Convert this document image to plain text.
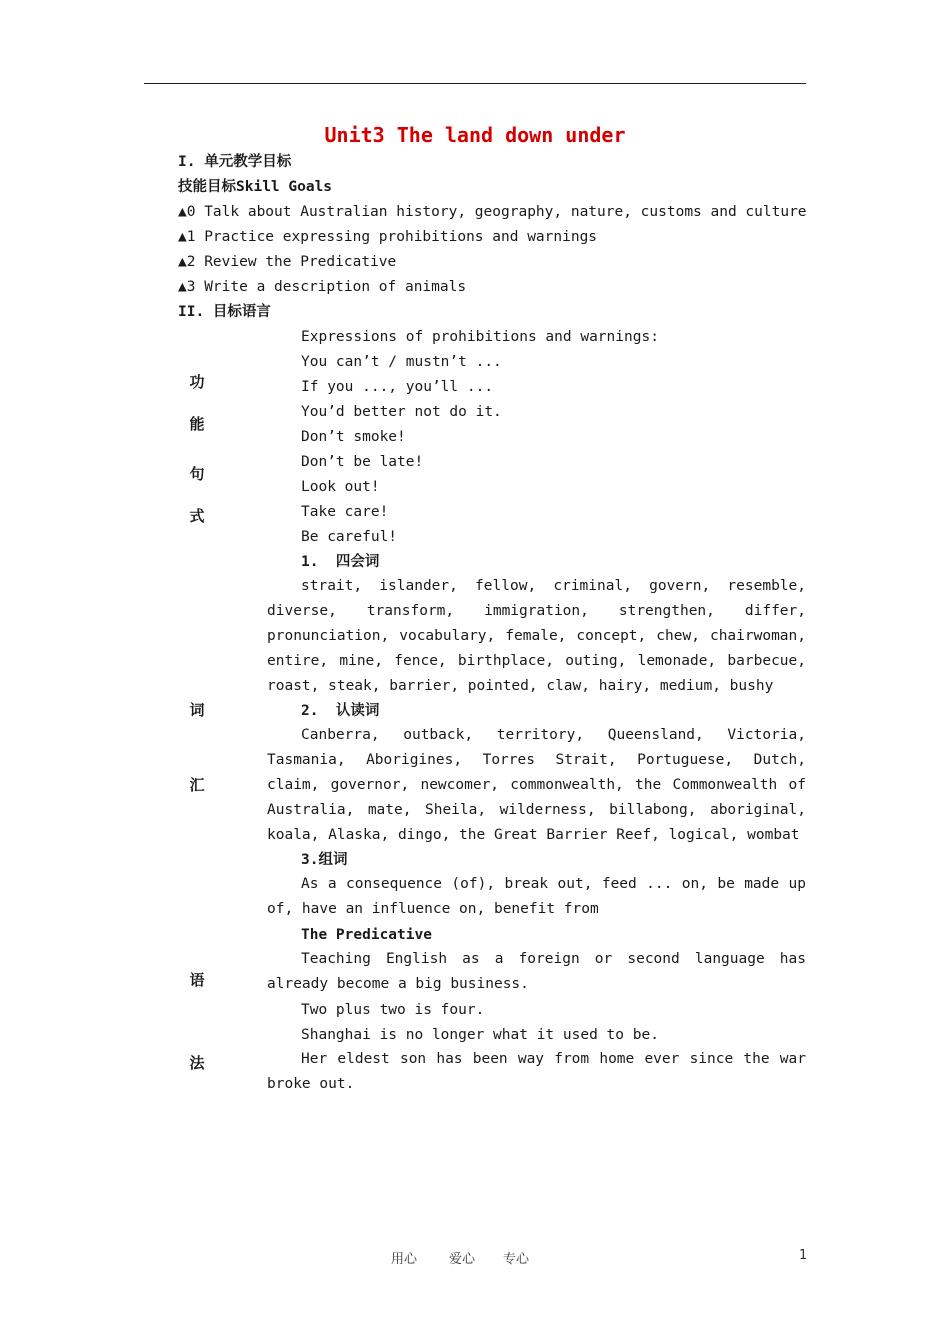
Unit3 The land down under
I. 单元教学目标
技能目标Skill Goals
▲0 Talk about Australian history, geography, nature, customs and culture
▲1 Practice expressing prohibitions and warnings
▲2 Review the Predicative
▲3 Write a description of animals
II. 目标语言
功
能
句
式
Expressions of prohibitions and warnings:
You can’t / mustn’t ...
If you ..., you’ll ...
You’d better not do it.
Don’t smoke!
Don’t be late!
Look out!
Take care!
Be careful!
词
汇
1.  四会词
strait, islander, fellow, criminal, govern, resemble, diverse, transform, immigration, strengthen, differ, pronunciation, vocabulary, female, concept, chew, chairwoman, entire, mine, fence, birthplace, outing, lemonade, barbecue, roast, steak, barrier, pointed, claw, hairy, medium, bushy
2.  认读词
Canberra, outback, territory, Queensland, Victoria, Tasmania, Aborigines, Torres Strait, Portuguese, Dutch, claim, governor, newcomer, commonwealth, the Commonwealth of Australia, mate, Sheila, wilderness, billabong, aboriginal, koala, Alaska, dingo, the Great Barrier Reef, logical, wombat
3.组词
As a consequence (of), break out, feed ... on, be made up of, have an influence on, benefit from
语
法
The Predicative
Teaching English as a foreign or second language has already become a big business.
Two plus two is four.
Shanghai is no longer what it used to be.
Her eldest son has been way from home ever since the war broke out.
用心 爱心 专心	1
